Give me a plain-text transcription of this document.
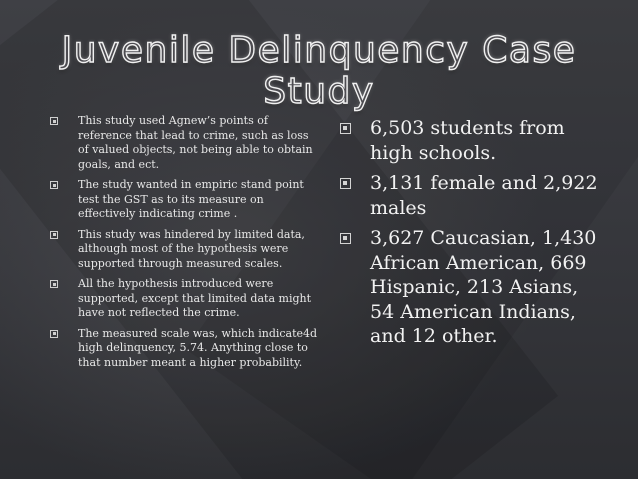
Juvenile Delinquency Case Study
This study used Agnew’s points of reference that lead to crime, such as loss of valued objects, not being able to obtain goals, and ect.
The study wanted in empiric stand point test the GST as to its measure on effectively indicating crime .
This study was hindered by limited data, although most of the hypothesis were supported through measured scales.
All the hypothesis introduced were supported, except that limited data might have not reflected the crime.
The measured scale was, which indicate4d high delinquency, 5.74. Anything close to that number meant a higher probability.
6,503 students from high schools.
3,131 female and 2,922 males
3,627 Caucasian, 1,430 African American, 669 Hispanic, 213 Asians, 54 American Indians, and 12 other.
